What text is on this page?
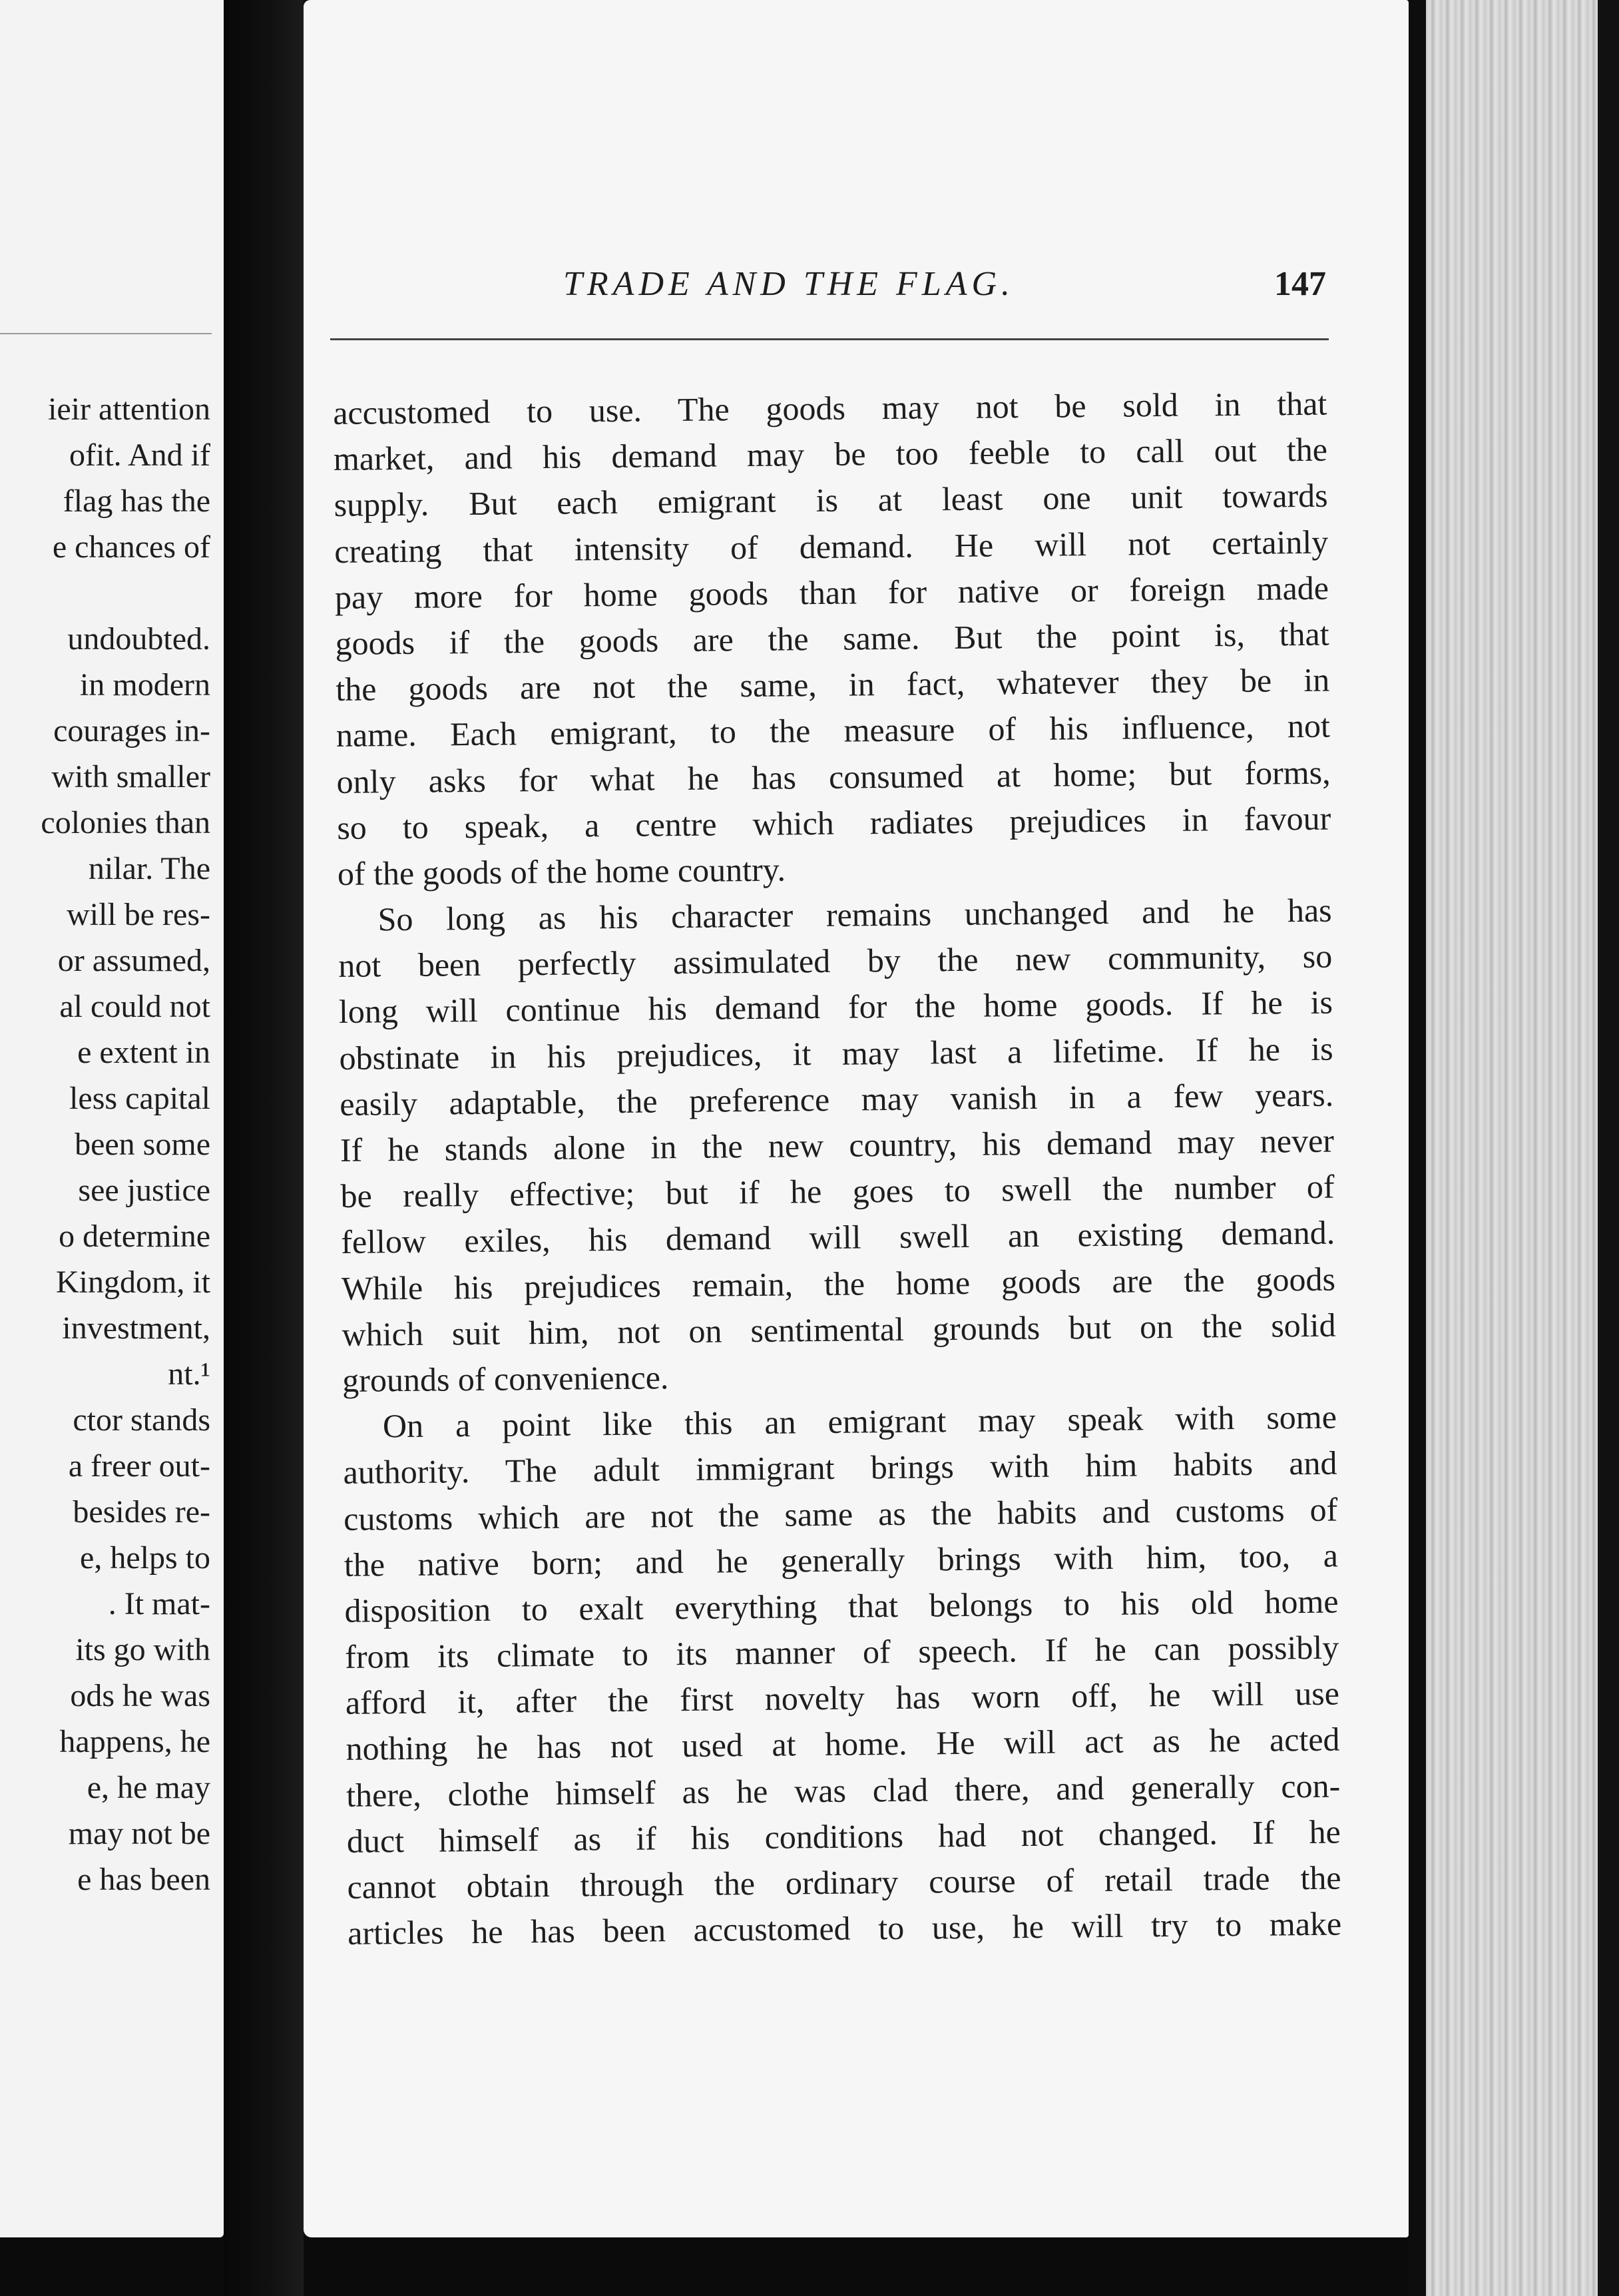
ieir attention
ofit. And if
flag has the
e chances of
undoubted.
in modern
courages in-
with smaller
colonies than
nilar. The
will be res-
or assumed,
al could not
e extent in
less capital
been some
see justice
o determine
Kingdom, it
investment,
nt.¹
ctor stands
a freer out-
besides re-
e, helps to
. It mat-
its go with
ods he was
happens, he
e, he may
may not be
e has been
TRADE AND THE FLAG.	147
accustomed to use. The goods may not be sold in that
market, and his demand may be too feeble to call out the
supply. But each emigrant is at least one unit towards
creating that intensity of demand. He will not certainly
pay more for home goods than for native or foreign made
goods if the goods are the same. But the point is, that
the goods are not the same, in fact, whatever they be in
name. Each emigrant, to the measure of his influence, not
only asks for what he has consumed at home; but forms,
so to speak, a centre which radiates prejudices in favour
of the goods of the home country.
So long as his character remains unchanged and he has
not been perfectly assimulated by the new community, so
long will continue his demand for the home goods. If he is
obstinate in his prejudices, it may last a lifetime. If he is
easily adaptable, the preference may vanish in a few years.
If he stands alone in the new country, his demand may never
be really effective; but if he goes to swell the number of
fellow exiles, his demand will swell an existing demand.
While his prejudices remain, the home goods are the goods
which suit him, not on sentimental grounds but on the solid
grounds of convenience.
On a point like this an emigrant may speak with some
authority. The adult immigrant brings with him habits and
customs which are not the same as the habits and customs of
the native born; and he generally brings with him, too, a
disposition to exalt everything that belongs to his old home
from its climate to its manner of speech. If he can possibly
afford it, after the first novelty has worn off, he will use
nothing he has not used at home. He will act as he acted
there, clothe himself as he was clad there, and generally con-
duct himself as if his conditions had not changed. If he
cannot obtain through the ordinary course of retail trade the
articles he has been accustomed to use, he will try to make
